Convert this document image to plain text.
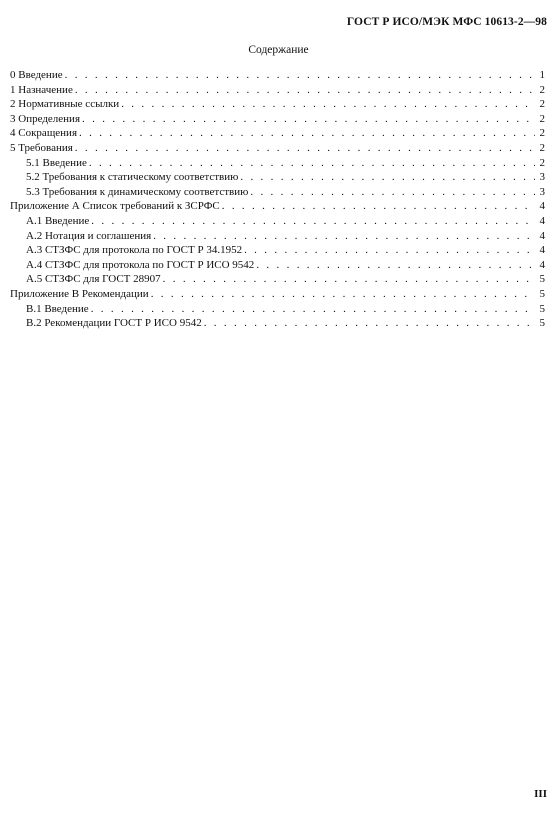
ГОСТ Р ИСО/МЭК МФС 10613-2—98
Содержание
0 Введение . . .	1
1 Назначение . . .	2
2 Нормативные ссылки . . .	2
3 Определения . . .	2
4 Сокращения . . .	2
5 Требования . . .	2
5.1 Введение . . .	2
5.2 Требования к статическому соответствию . . .	3
5.3 Требования к динамическому соответствию . . .	3
Приложение А Список требований к ЗСРФС . . .	4
А.1 Введение . . .	4
А.2 Нотация и соглашения . . .	4
А.3 СТЗФС для протокола по ГОСТ Р 34.1952 . . .	4
А.4 СТЗФС для протокола по ГОСТ Р ИСО 9542 . . .	4
А.5 СТЗФС для ГОСТ 28907 . . .	5
Приложение В Рекомендации . . .	5
В.1 Введение . . .	5
В.2 Рекомендации ГОСТ Р ИСО 9542 . . .	5
III
